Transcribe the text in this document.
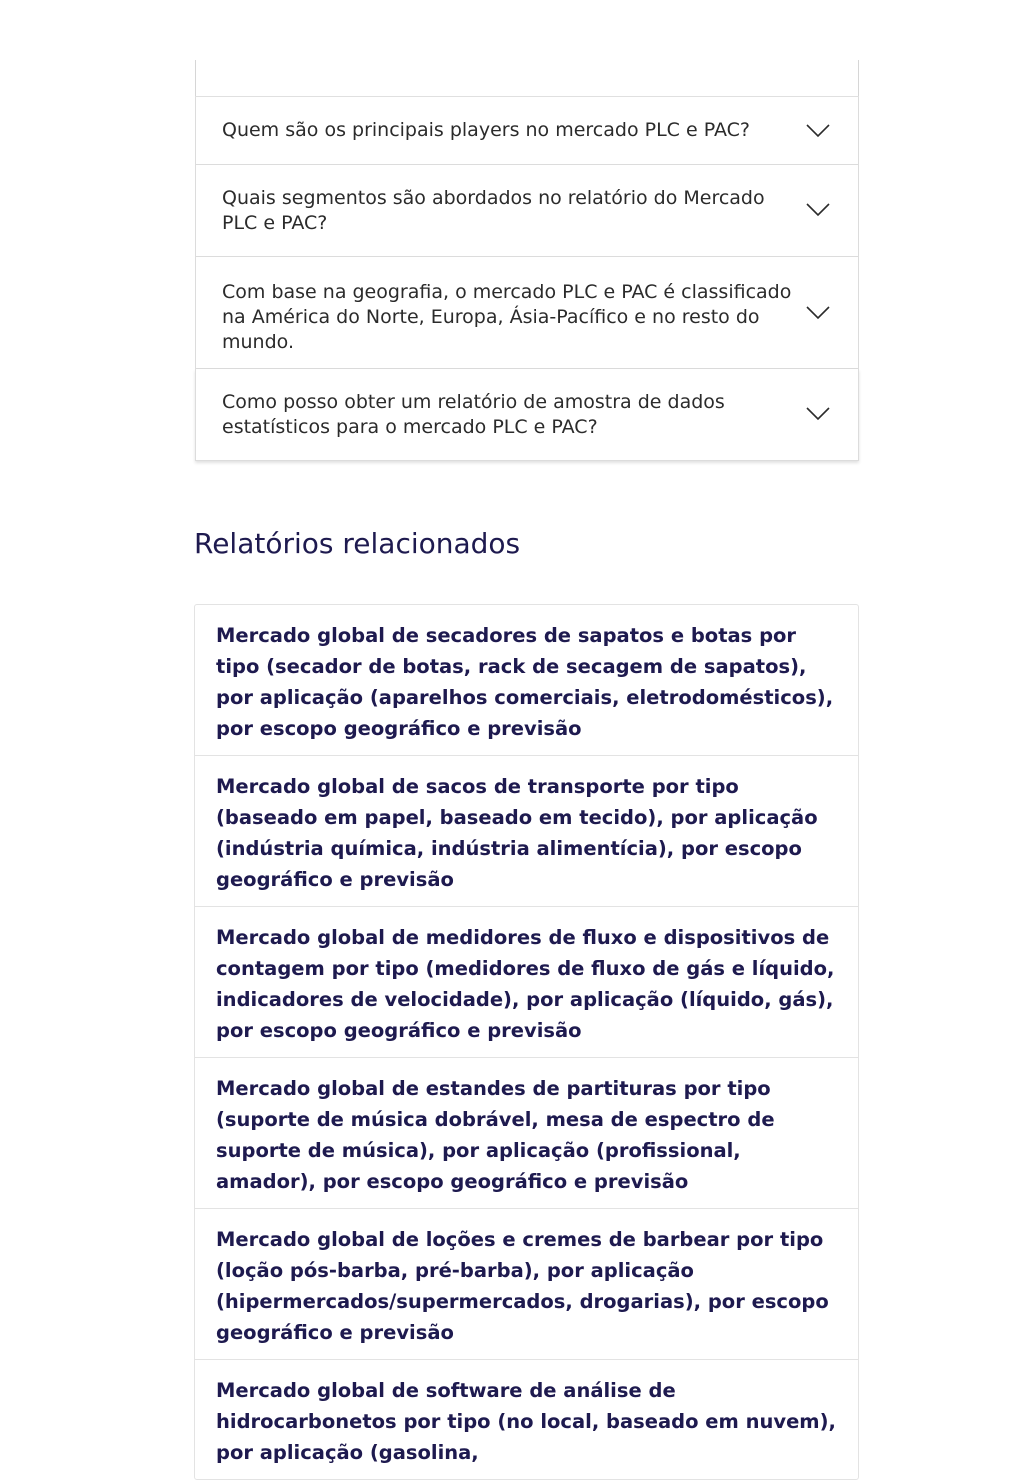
Quem são os principais players no mercado PLC e PAC?
Quais segmentos são abordados no relatório do Mercado PLC e PAC?
Com base na geografia, o mercado PLC e PAC é classificado na América do Norte, Europa, Ásia-Pacífico e no resto do mundo.
Como posso obter um relatório de amostra de dados estatísticos para o mercado PLC e PAC?
Relatórios relacionados
Mercado global de secadores de sapatos e botas por tipo (secador de botas, rack de secagem de sapatos), por aplicação (aparelhos comerciais, eletrodomésticos), por escopo geográfico e previsão
Mercado global de sacos de transporte por tipo (baseado em papel, baseado em tecido), por aplicação (indústria química, indústria alimentícia), por escopo geográfico e previsão
Mercado global de medidores de fluxo e dispositivos de contagem por tipo (medidores de fluxo de gás e líquido, indicadores de velocidade), por aplicação (líquido, gás), por escopo geográfico e previsão
Mercado global de estandes de partituras por tipo (suporte de música dobrável, mesa de espectro de suporte de música), por aplicação (profissional, amador), por escopo geográfico e previsão
Mercado global de loções e cremes de barbear por tipo (loção pós-barba, pré-barba), por aplicação (hipermercados/supermercados, drogarias), por escopo geográfico e previsão
Mercado global de software de análise de hidrocarbonetos por tipo (no local, baseado em nuvem), por aplicação (gasolina,
